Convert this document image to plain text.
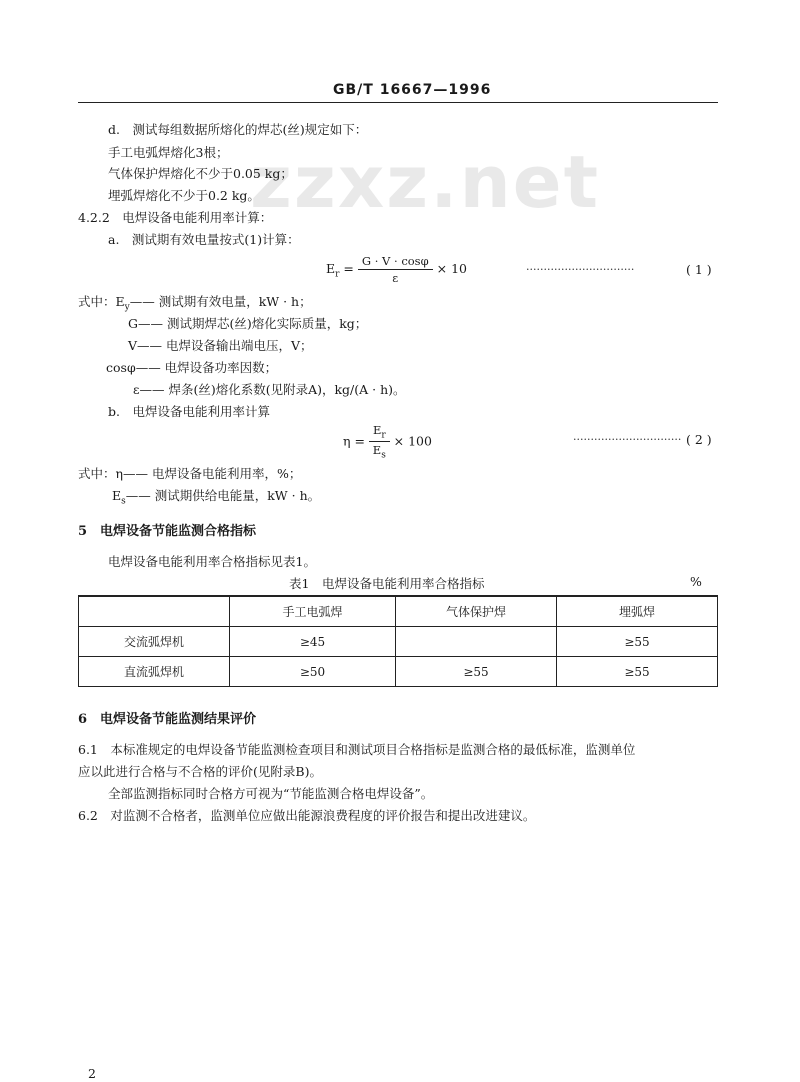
zzxz.net
GB/T 16667—1996
d.　测试每组数据所熔化的焊芯(丝)规定如下：
手工电弧焊熔化3根；
气体保护焊熔化不少于0.05 kg；
埋弧焊熔化不少于0.2 kg。
4.2.2　电焊设备电能利用率计算：
a.　测试期有效电量按式(1)计算：
$E_r = \frac{G \cdot V \cdot \cos\varphi}{\varepsilon} \times 10$	·······························	( 1 )
式中：$E_y——$ 测试期有效电量，kW · h；
G—— 测试期焊芯(丝)熔化实际质量，kg；
V—— 电焊设备输出端电压，V；
cosφ—— 电焊设备功率因数；
ε—— 焊条(丝)熔化系数(见附录A)，kg/(A · h)。
b.　电焊设备电能利用率计算
$\eta = \frac{E_r}{E_s} \times 100$	······························· ( 2 )
式中：η—— 电焊设备电能利用率，%；
$E_s——$ 测试期供给电能量，kW · h。
5　电焊设备节能监测合格指标
电焊设备电能利用率合格指标见表1。
表1　电焊设备电能利用率合格指标	%
	手工电弧焊	气体保护焊	埋弧焊
交流弧焊机	≥45		≥55
直流弧焊机	≥50	≥55	≥55
6　电焊设备节能监测结果评价
6.1　本标准规定的电焊设备节能监测检查项目和测试项目合格指标是监测合格的最低标准，监测单位
应以此进行合格与不合格的评价(见附录B)。
全部监测指标同时合格方可视为“节能监测合格电焊设备”。
6.2　对监测不合格者，监测单位应做出能源浪费程度的评价报告和提出改进建议。
2
